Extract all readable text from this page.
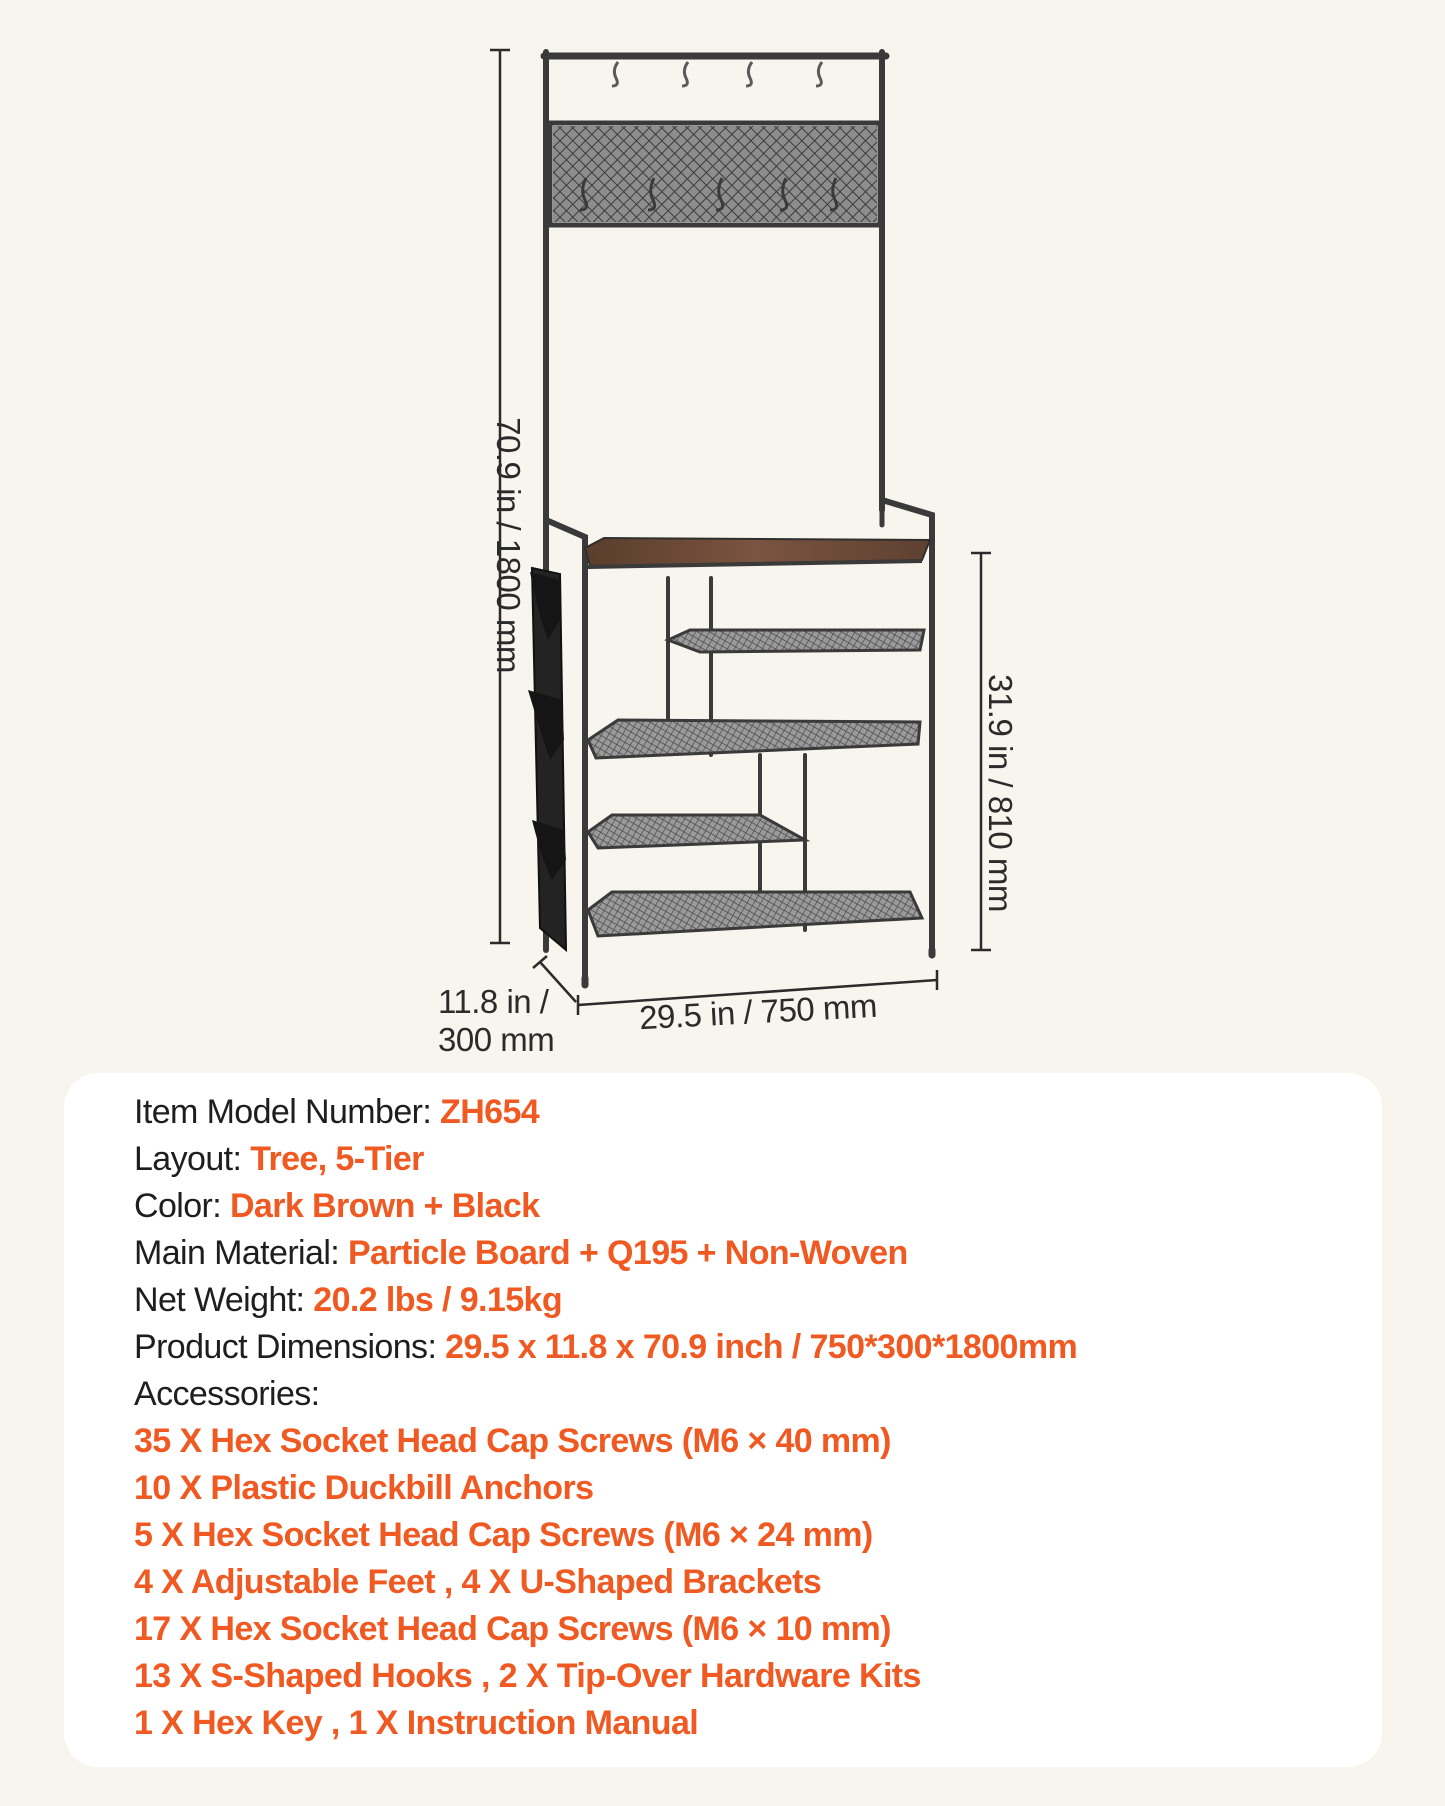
70.9 in / 1800 mm
31.9 in / 810 mm
29.5 in / 750 mm
11.8 in /
300 mm
Item Model Number: ZH654
Layout: Tree, 5-Tier
Color: Dark Brown + Black
Main Material: Particle Board + Q195 + Non-Woven
Net Weight: 20.2 lbs / 9.15kg
Product Dimensions: 29.5 x 11.8 x 70.9 inch / 750*300*1800mm
Accessories:
35 X Hex Socket Head Cap Screws (M6 × 40 mm)
10 X Plastic Duckbill Anchors
5 X Hex Socket Head Cap Screws (M6 × 24 mm)
4 X Adjustable Feet , 4 X U-Shaped Brackets
17 X Hex Socket Head Cap Screws (M6 × 10 mm)
13 X S-Shaped Hooks , 2 X Tip-Over Hardware Kits
1 X Hex Key , 1 X Instruction Manual
